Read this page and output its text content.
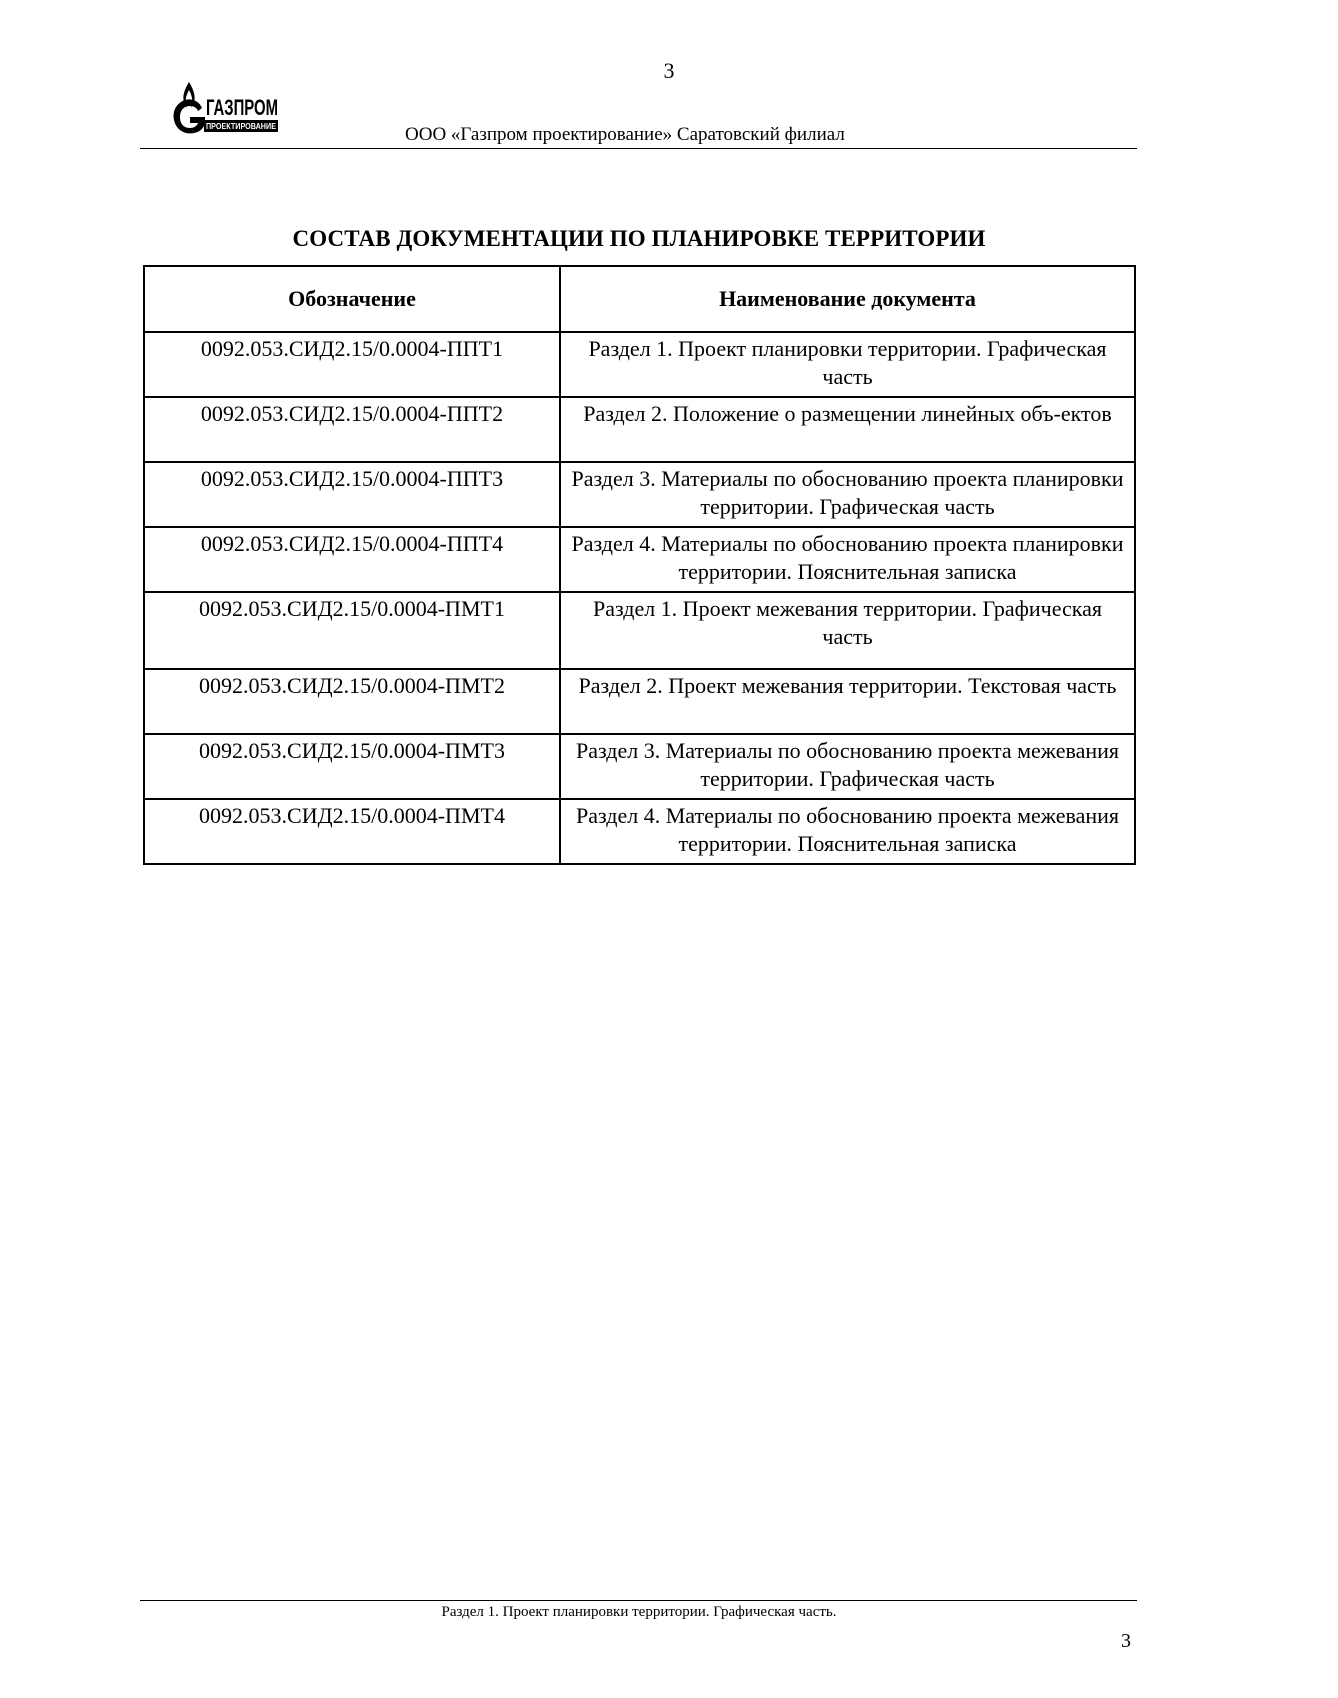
3
ГАЗПРОМ
ПРОЕКТИРОВАНИЕ	ООО «Газпром проектирование» Саратовский филиал
СОСТАВ ДОКУМЕНТАЦИИ ПО ПЛАНИРОВКЕ ТЕРРИТОРИИ
Обозначение	Наименование документа
0092.053.СИД2.15/0.0004-ППТ1	Раздел 1. Проект планировки территории. Графическая часть
0092.053.СИД2.15/0.0004-ППТ2	Раздел 2. Положение о размещении линейных объ-ектов
0092.053.СИД2.15/0.0004-ППТ3	Раздел 3. Материалы по обоснованию проекта планировки территории. Графическая часть
0092.053.СИД2.15/0.0004-ППТ4	Раздел 4. Материалы по обоснованию проекта планировки территории. Пояснительная записка
0092.053.СИД2.15/0.0004-ПМТ1	Раздел 1. Проект межевания территории. Графическая часть
0092.053.СИД2.15/0.0004-ПМТ2	Раздел 2. Проект межевания территории. Текстовая часть
0092.053.СИД2.15/0.0004-ПМТ3	Раздел 3. Материалы по обоснованию проекта межевания территории. Графическая часть
0092.053.СИД2.15/0.0004-ПМТ4	Раздел 4. Материалы по обоснованию проекта межевания территории. Пояснительная записка
Раздел 1. Проект планировки территории. Графическая часть.
3
